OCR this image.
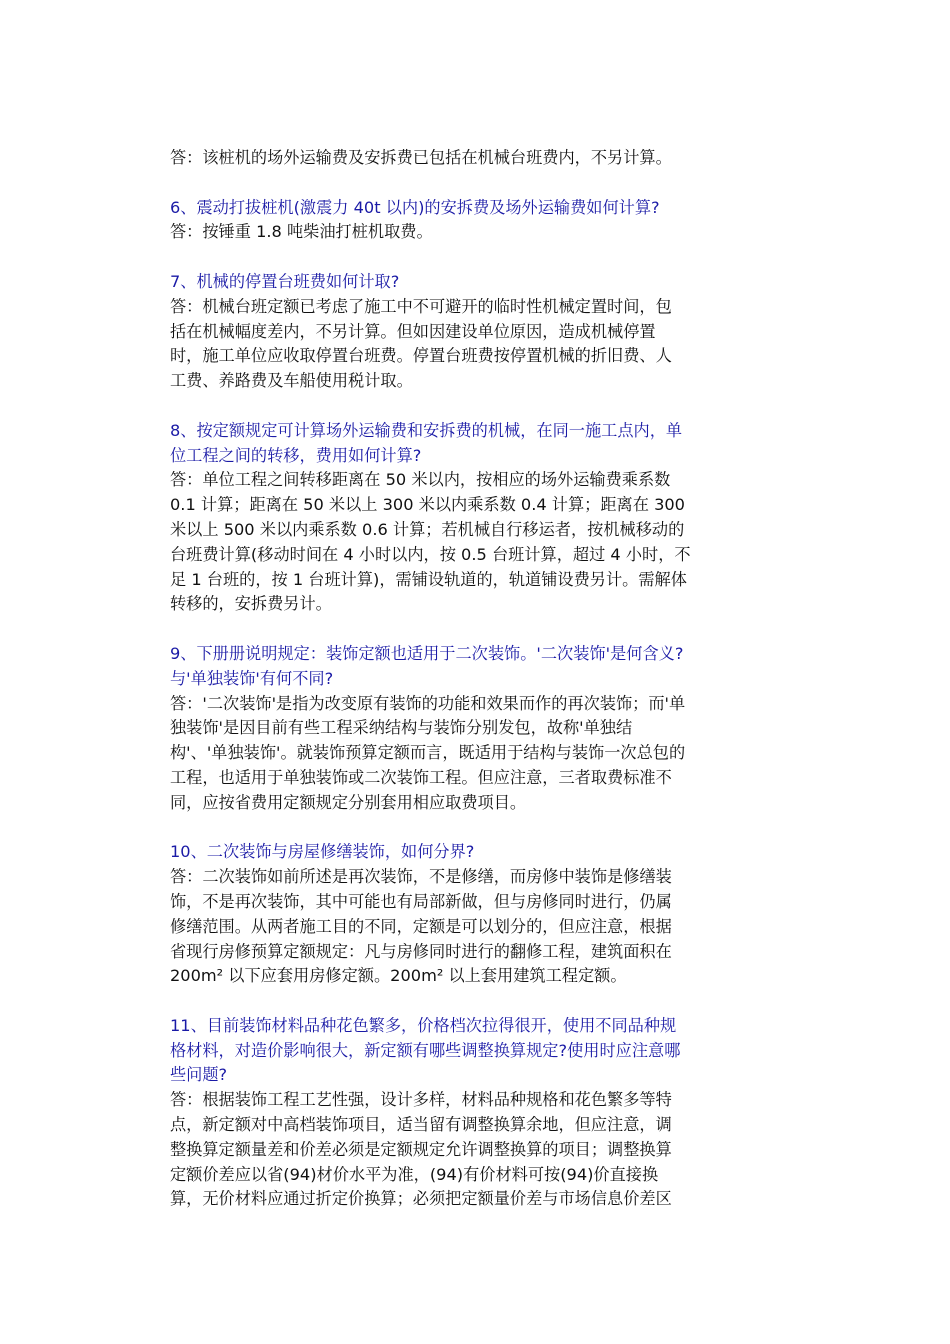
答：该桩机的场外运输费及安拆费已包括在机械台班费内，不另计算。

6、震动打拔桩机(激震力 40t 以内)的安拆费及场外运输费如何计算?

答：按锤重 1.8 吨柴油打桩机取费。

7、机械的停置台班费如何计取?

答：机械台班定额已考虑了施工中不可避开的临时性机械定置时间，包

括在机械幅度差内，不另计算。但如因建设单位原因，造成机械停置

时，施工单位应收取停置台班费。停置台班费按停置机械的折旧费、人

工费、养路费及车船使用税计取。

8、按定额规定可计算场外运输费和安拆费的机械，在同一施工点内，单

位工程之间的转移，费用如何计算?

答：单位工程之间转移距离在 50 米以内，按相应的场外运输费乘系数

0.1 计算；距离在 50 米以上 300 米以内乘系数 0.4 计算；距离在 300

米以上 500 米以内乘系数 0.6 计算；若机械自行移运者，按机械移动的

台班费计算(移动时间在 4 小时以内，按 0.5 台班计算，超过 4 小时，不

足 1 台班的，按 1 台班计算)，需铺设轨道的，轨道铺设费另计。需解体

转移的，安拆费另计。

9、下册册说明规定：装饰定额也适用于二次装饰。'二次装饰'是何含义?

与'单独装饰'有何不同?

答：'二次装饰'是指为改变原有装饰的功能和效果而作的再次装饰；而'单

独装饰'是因目前有些工程采纳结构与装饰分别发包，故称'单独结

构'、'单独装饰'。就装饰预算定额而言，既适用于结构与装饰一次总包的

工程，也适用于单独装饰或二次装饰工程。但应注意，三者取费标准不

同，应按省费用定额规定分别套用相应取费项目。

10、二次装饰与房屋修缮装饰，如何分界?

答：二次装饰如前所述是再次装饰，不是修缮，而房修中装饰是修缮装

饰，不是再次装饰，其中可能也有局部新做，但与房修同时进行，仍属

修缮范围。从两者施工目的不同，定额是可以划分的，但应注意，根据

省现行房修预算定额规定：凡与房修同时进行的翻修工程，建筑面积在

200m² 以下应套用房修定额。200m² 以上套用建筑工程定额。

11、目前装饰材料品种花色繁多，价格档次拉得很开，使用不同品种规

格材料，对造价影响很大，新定额有哪些调整换算规定?使用时应注意哪

些问题?

答：根据装饰工程工艺性强，设计多样，材料品种规格和花色繁多等特

点，新定额对中高档装饰项目，适当留有调整换算余地，但应注意，调

整换算定额量差和价差必须是定额规定允许调整换算的项目；调整换算

定额价差应以省(94)材价水平为准，(94)有价材料可按(94)价直接换

算，无价材料应通过折定价换算；必须把定额量价差与市场信息价差区
